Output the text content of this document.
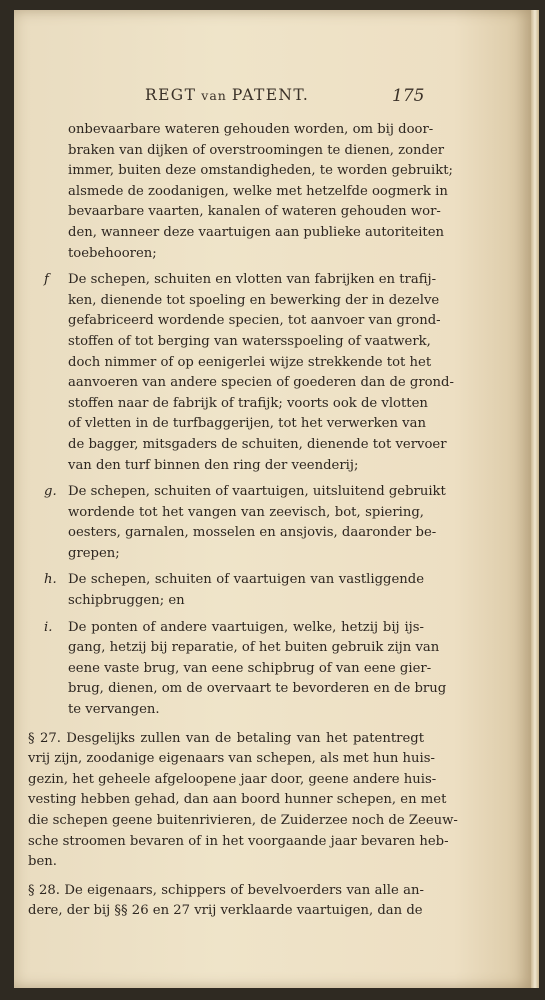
REGT van PATENT.	175
onbevaarbare wateren gehouden worden, om bij door-
braken van dijken of overstroomingen te dienen, zonder
immer, buiten deze omstandigheden, te worden gebruikt;
alsmede de zoodanigen, welke met hetzelfde oogmerk in
bevaarbare vaarten, kanalen of wateren gehouden wor-
den, wanneer deze vaartuigen aan publieke autoriteiten
toebehooren;
f De schepen, schuiten en vlotten van fabrijken en trafij-
ken, dienende tot spoeling en bewerking der in dezelve
gefabriceerd wordende specien, tot aanvoer van grond-
stoffen of tot berging van watersspoeling of vaatwerk,
doch nimmer of op eenigerlei wijze strekkende tot het
aanvoeren van andere specien of goederen dan de grond-
stoffen naar de fabrijk of trafijk; voorts ook de vlotten
of vletten in de turfbaggerijen, tot het verwerken van
de bagger, mitsgaders de schuiten, dienende tot vervoer
van den turf binnen den ring der veenderij;
g. De schepen, schuiten of vaartuigen, uitsluitend gebruikt
wordende tot het vangen van zeevisch, bot, spiering,
oesters, garnalen, mosselen en ansjovis, daaronder be-
grepen;
h. De schepen, schuiten of vaartuigen van vastliggende
schipbruggen; en
i. De ponten of andere vaartuigen, welke, hetzij bij ijs-
gang, hetzij bij reparatie, of het buiten gebruik zijn van
eene vaste brug, van eene schipbrug of van eene gier-
brug, dienen, om de overvaart te bevorderen en de brug
te vervangen.
§ 27. Desgelijks zullen van de betaling van het patentregt
vrij zijn, zoodanige eigenaars van schepen, als met hun huis-
gezin, het geheele afgeloopene jaar door, geene andere huis-
vesting hebben gehad, dan aan boord hunner schepen, en met
die schepen geene buitenrivieren, de Zuiderzee noch de Zeeuw-
sche stroomen bevaren of in het voorgaande jaar bevaren heb-
ben.
§ 28. De eigenaars, schippers of bevelvoerders van alle an-
dere, der bij §§ 26 en 27 vrij verklaarde vaartuigen, dan de
